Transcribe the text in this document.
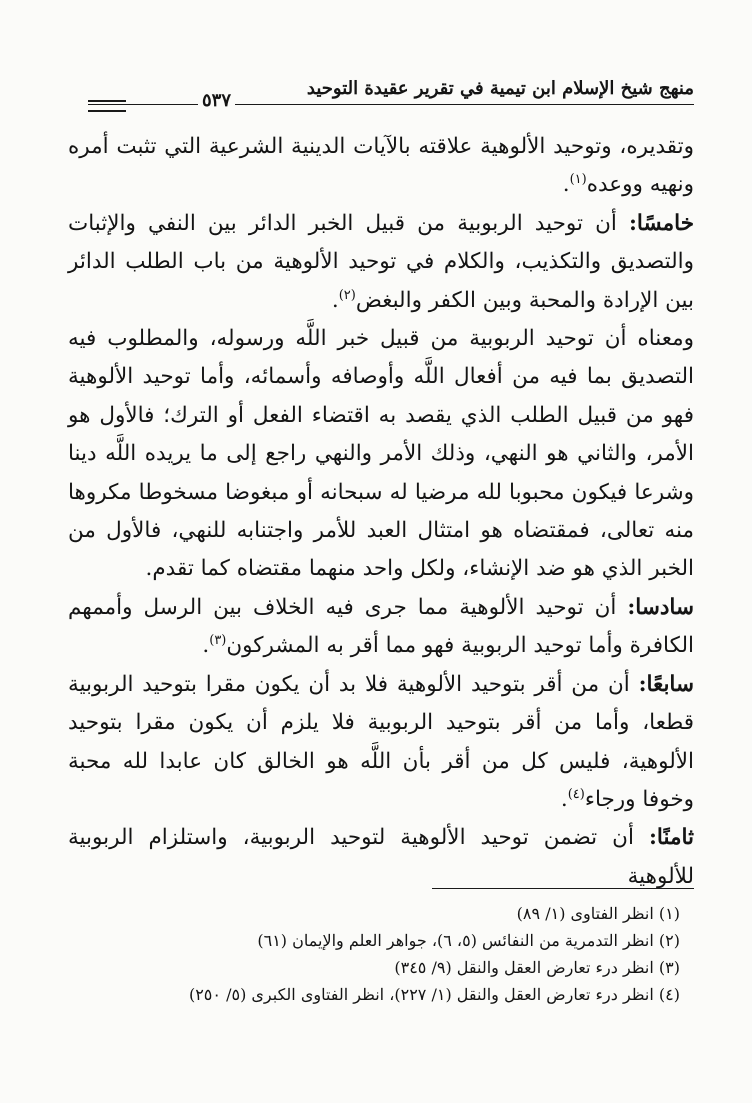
منهج شيخ الإسلام ابن تيمية في تقرير عقيدة التوحيد
٥٣٧

وتقديره، وتوحيد الألوهية علاقته بالآيات الدينية الشرعية التي تثبت أمره ونهيه ووعده$^{(١)}$.

خامسًا: أن توحيد الربوبية من قبيل الخبر الدائر بين النفي والإثبات والتصديق والتكذيب، والكلام في توحيد الألوهية من باب الطلب الدائر بين الإرادة والمحبة وبين الكفر والبغض$^{(٢)}$.

ومعناه أن توحيد الربوبية من قبيل خبر اللَّه ورسوله، والمطلوب فيه التصديق بما فيه من أفعال اللَّه وأوصافه وأسمائه، وأما توحيد الألوهية فهو من قبيل الطلب الذي يقصد به اقتضاء الفعل أو الترك؛ فالأول هو الأمر، والثاني هو النهي، وذلك الأمر والنهي راجع إلى ما يريده اللَّه دينا وشرعا فيكون محبوبا لله مرضيا له سبحانه أو مبغوضا مسخوطا مكروها منه تعالى، فمقتضاه هو امتثال العبد للأمر واجتنابه للنهي، فالأول من الخبر الذي هو ضد الإنشاء، ولكل واحد منهما مقتضاه كما تقدم.

سادسا: أن توحيد الألوهية مما جرى فيه الخلاف بين الرسل وأممهم الكافرة وأما توحيد الربوبية فهو مما أقر به المشركون$^{(٣)}$.

سابعًا: أن من أقر بتوحيد الألوهية فلا بد أن يكون مقرا بتوحيد الربوبية قطعا، وأما من أقر بتوحيد الربوبية فلا يلزم أن يكون مقرا بتوحيد الألوهية، فليس كل من أقر بأن اللَّه هو الخالق كان عابدا لله محبة وخوفا ورجاء$^{(٤)}$.

ثامنًا: أن تضمن توحيد الألوهية لتوحيد الربوبية، واستلزام الربوبية للألوهية

(١) انظر الفتاوى (١/ ٨٩)
(٢) انظر التدمرية من النفائس (٥، ٦)، جواهر العلم والإيمان (٦١)
(٣) انظر درء تعارض العقل والنقل (٩/ ٣٤٥)
(٤) انظر درء تعارض العقل والنقل (١/ ٢٢٧)، انظر الفتاوى الكبرى (٥/ ٢٥٠)
